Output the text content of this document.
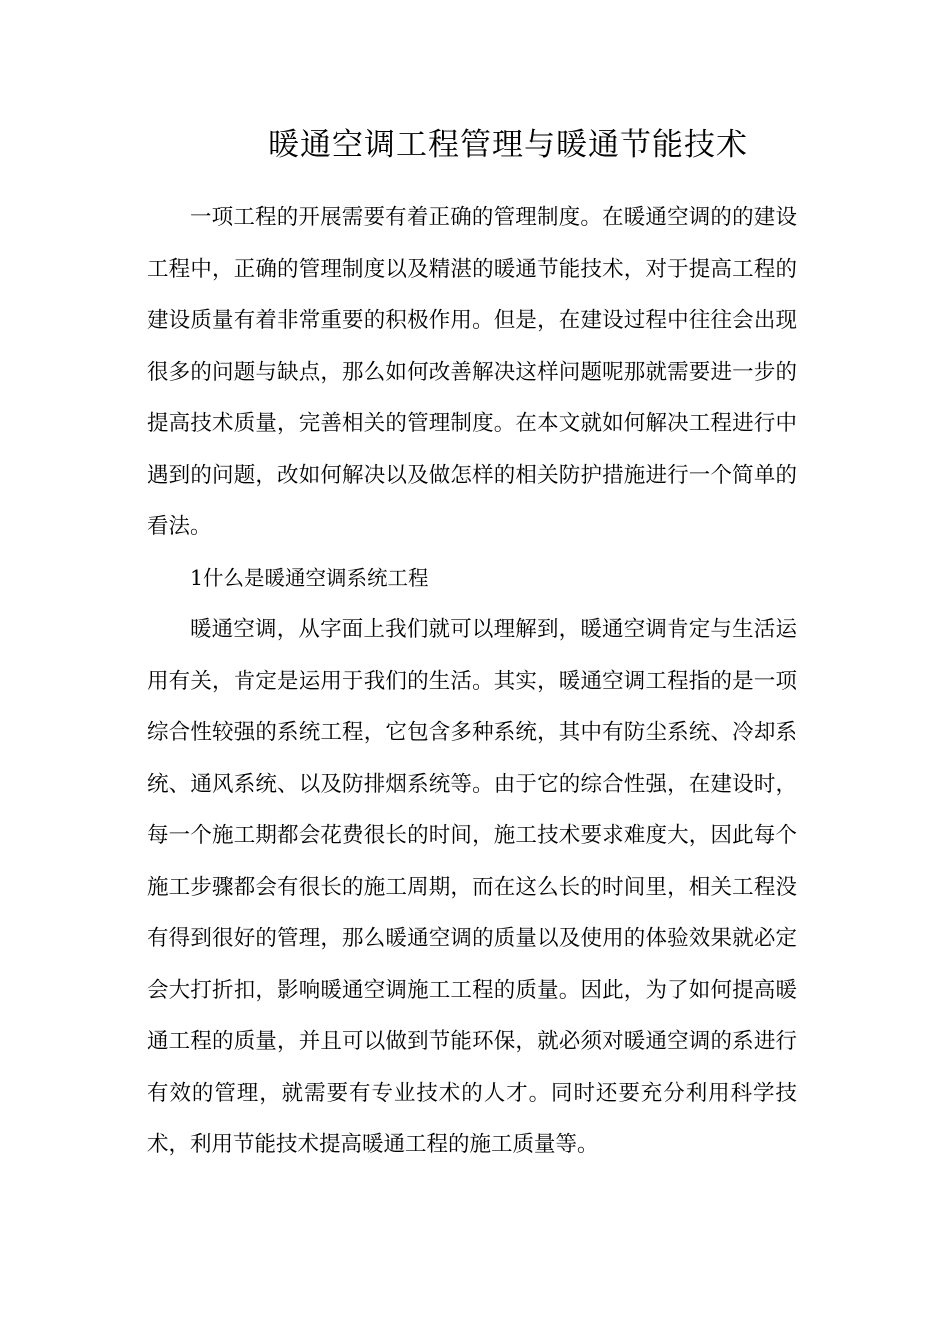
暖通空调工程管理与暖通节能技术

一项工程的开展需要有着正确的管理制度。在暖通空调的的建设工程中，正确的管理制度以及精湛的暖通节能技术，对于提高工程的建设质量有着非常重要的积极作用。但是，在建设过程中往往会出现很多的问题与缺点，那么如何改善解决这样问题呢那就需要进一步的提高技术质量，完善相关的管理制度。在本文就如何解决工程进行中遇到的问题，改如何解决以及做怎样的相关防护措施进行一个简单的看法。

1什么是暖通空调系统工程

暖通空调，从字面上我们就可以理解到，暖通空调肯定与生活运用有关，肯定是运用于我们的生活。其实，暖通空调工程指的是一项综合性较强的系统工程，它包含多种系统，其中有防尘系统、冷却系统、通风系统、以及防排烟系统等。由于它的综合性强，在建设时，每一个施工期都会花费很长的时间，施工技术要求难度大，因此每个施工步骤都会有很长的施工周期，而在这么长的时间里，相关工程没有得到很好的管理，那么暖通空调的质量以及使用的体验效果就必定会大打折扣，影响暖通空调施工工程的质量。因此，为了如何提高暖通工程的质量，并且可以做到节能环保，就必须对暖通空调的系进行有效的管理，就需要有专业技术的人才。同时还要充分利用科学技术，利用节能技术提高暖通工程的施工质量等。
